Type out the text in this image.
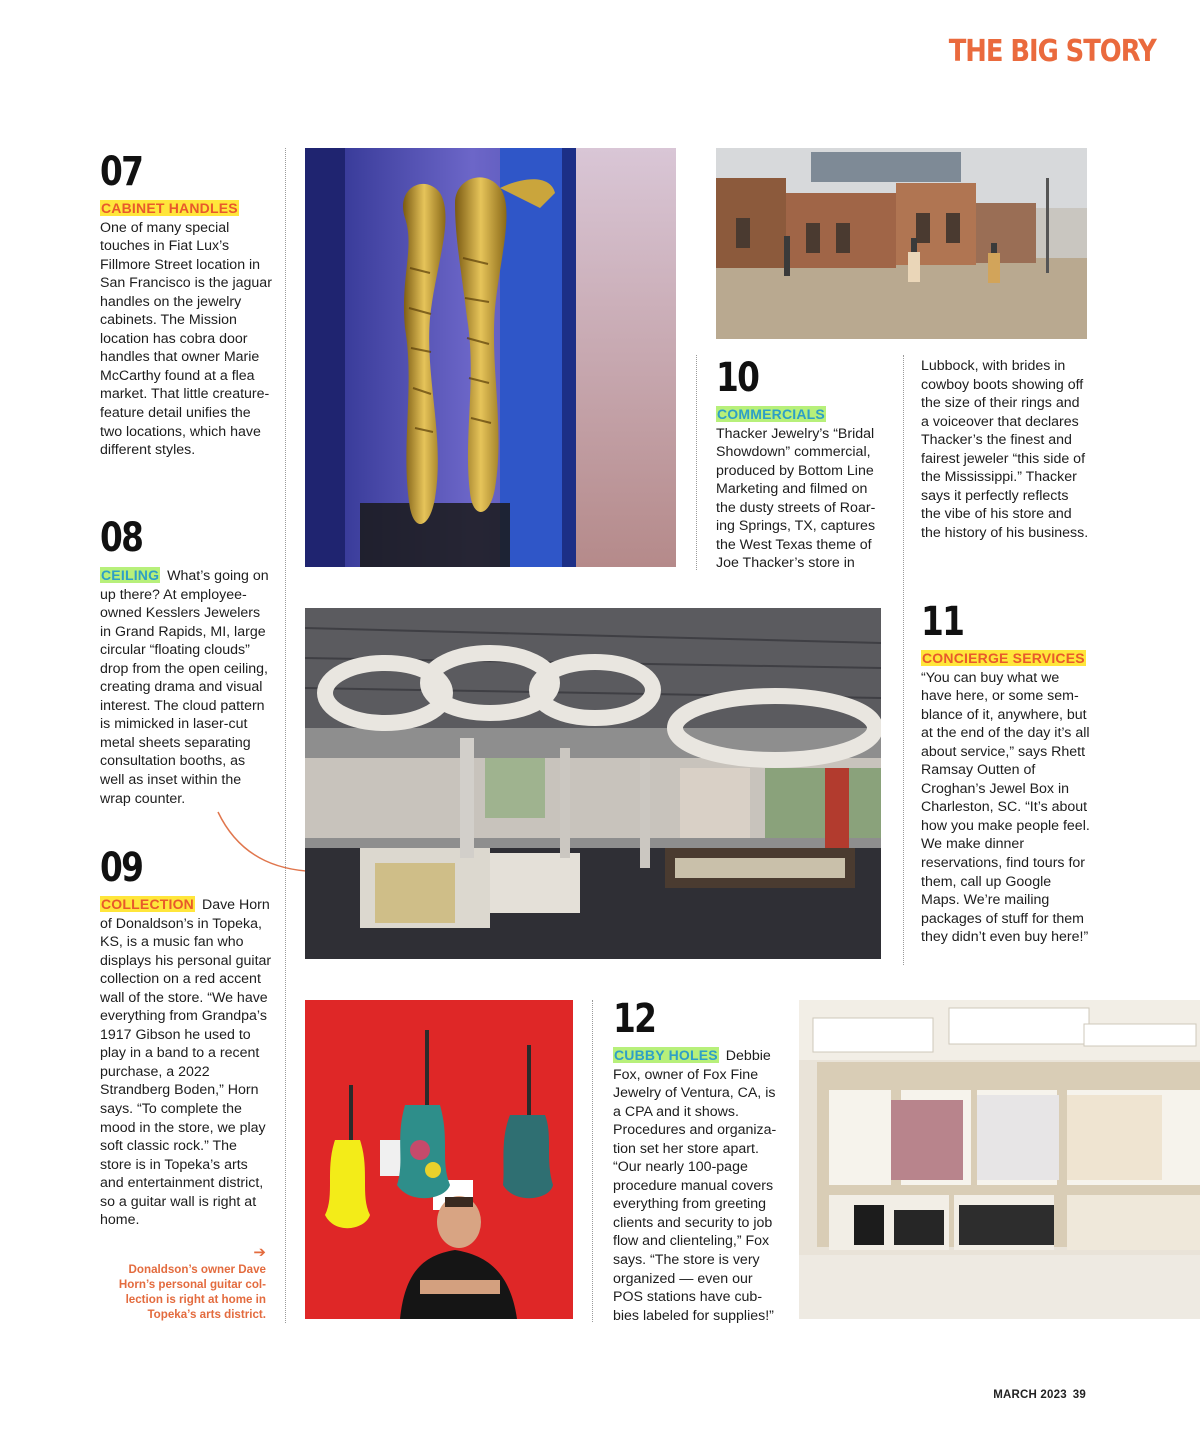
THE BIG STORY
07

CABINET HANDLES
One of many special touches in Fiat Lux’s Fillmore Street location in San Francisco is the jaguar handles on the jewelry cabinets. The Mission location has cobra door handles that owner Marie McCarthy found at a flea market. That little creature-feature detail unifies the two locations, which have different styles.

08

CEILING What’s going on up there? At employee-owned Kesslers Jewelers in Grand Rapids, MI, large circular “floating clouds” drop from the open ceiling, creating drama and visual interest. The cloud pattern is mimicked in laser-cut metal sheets separating consultation booths, as well as inset within the wrap counter.

09

COLLECTION Dave Horn of Donaldson’s in Topeka, KS, is a music fan who displays his personal guitar collection on a red accent wall of the store. “We have everything from Grandpa’s 1917 Gibson he used to play in a band to a recent purchase, a 2022 Strandberg Boden,” Horn says. “To complete the mood in the store, we play soft classic rock.” The store is in Topeka’s arts and entertainment district, so a guitar wall is right at home.

➔
Donaldson’s owner Dave Horn’s personal guitar collection is right at home in Topeka’s arts district.
10

COMMERCIALS
Thacker Jewelry’s “Bridal Showdown” commercial, produced by Bottom Line Marketing and filmed on the dusty streets of Roaring Springs, TX, captures the West Texas theme of Joe Thacker’s store in

Lubbock, with brides in cowboy boots showing off the size of their rings and a voiceover that declares Thacker’s the finest and fairest jeweler “this side of the Mississippi.” Thacker says it perfectly reflects the vibe of his store and the history of his business.

11

CONCIERGE SERVICES
“You can buy what we have here, or some semblance of it, anywhere, but at the end of the day it’s all about service,” says Rhett Ramsay Outten of Croghan’s Jewel Box in Charleston, SC. “It’s about how you make people feel. We make dinner reservations, find tours for them, call up Google Maps. We’re mailing packages of stuff for them they didn’t even buy here!”

12

CUBBY HOLES Debbie Fox, owner of Fox Fine Jewelry of Ventura, CA, is a CPA and it shows. Procedures and organization set her store apart. “Our nearly 100-page procedure manual covers everything from greeting clients and security to job flow and clienteling,” Fox says. “The store is very organized — even our POS stations have cubbies labeled for supplies!”

MARCH 2023 39
